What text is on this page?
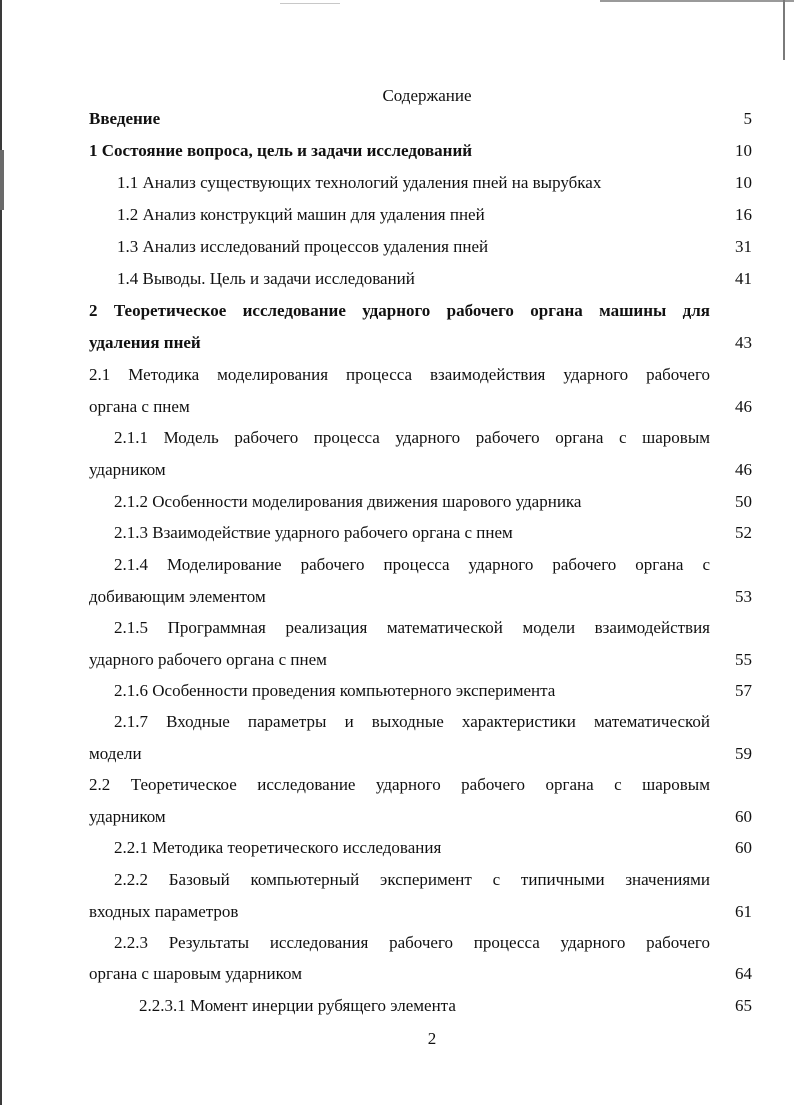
Содержание
Введение	5
1 Состояние вопроса, цель и задачи исследований	10
1.1 Анализ существующих технологий удаления пней на вырубках	10
1.2 Анализ конструкций машин для удаления пней	16
1.3 Анализ исследований процессов удаления пней	31
1.4 Выводы. Цель и задачи исследований	41
2 Теоретическое исследование ударного рабочего органа машины для
удаления пней	43
2.1 Методика моделирования процесса взаимодействия ударного рабочего
органа с пнем	46
2.1.1 Модель рабочего процесса ударного рабочего органа с шаровым
ударником	46
2.1.2 Особенности моделирования движения шарового ударника	50
2.1.3 Взаимодействие ударного рабочего органа с пнем	52
2.1.4 Моделирование рабочего процесса ударного рабочего органа с
добивающим элементом	53
2.1.5 Программная реализация математической модели взаимодействия
ударного рабочего органа с пнем	55
2.1.6 Особенности проведения компьютерного эксперимента	57
2.1.7 Входные параметры и выходные характеристики математической
модели	59
2.2 Теоретическое исследование ударного рабочего органа с шаровым
ударником	60
2.2.1 Методика теоретического исследования	60
2.2.2 Базовый компьютерный эксперимент с типичными значениями
входных параметров	61
2.2.3 Результаты исследования рабочего процесса ударного рабочего
органа с шаровым ударником	64
2.2.3.1 Момент инерции рубящего элемента	65
2
